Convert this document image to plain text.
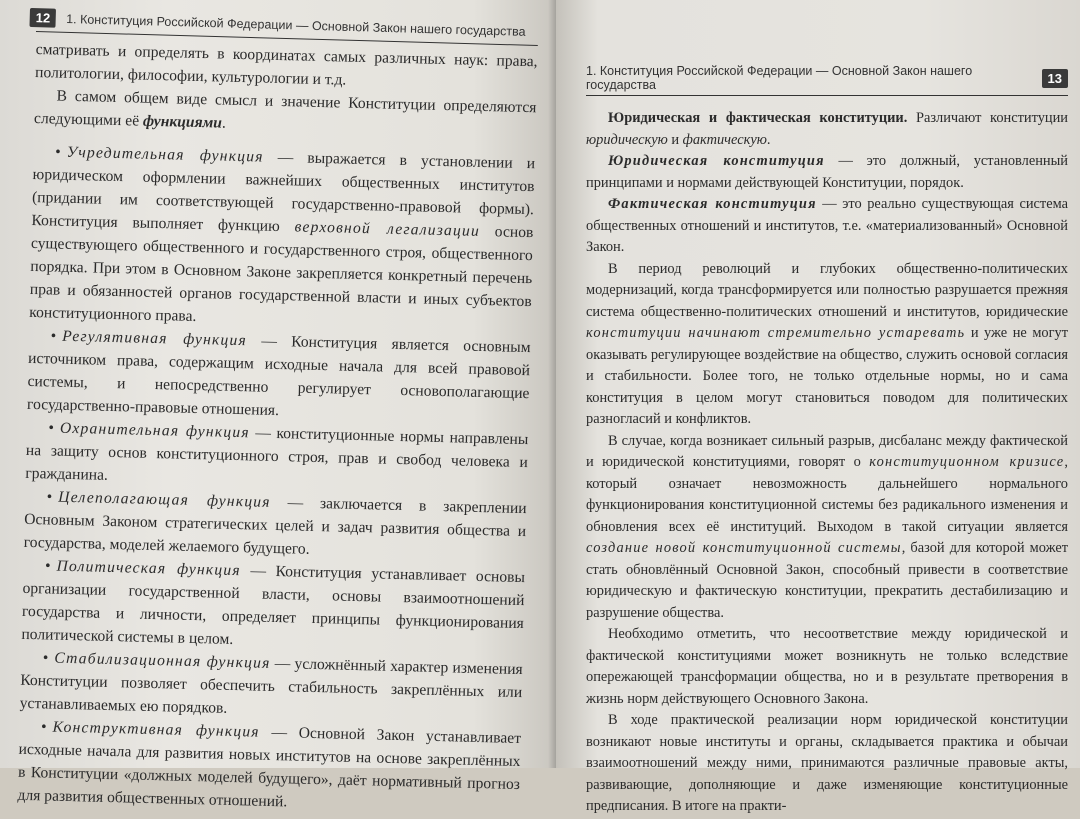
12	1. Конституция Российской Федерации — Основной Закон нашего государства

сматривать и определять в координатах самых различных наук: права, политологии, философии, культурологии и т.д.

В самом общем виде смысл и значение Конституции определяются следующими её функциями.

• Учредительная функция — выражается в установлении и юридическом оформлении важнейших общественных институтов (придании им соответствующей государственно-правовой формы). Конституция выполняет функцию верховной легализации основ существующего общественного и государственного строя, общественного порядка. При этом в Основном Законе закрепляется конкретный перечень прав и обязанностей органов государственной власти и иных субъектов конституционного права.

• Регулятивная функция — Конституция является основным источником права, содержащим исходные начала для всей правовой системы, и непосредственно регулирует основополагающие государственно-правовые отношения.

• Охранительная функция — конституционные нормы направлены на защиту основ конституционного строя, прав и свобод человека и гражданина.

• Целеполагающая функция — заключается в закреплении Основным Законом стратегических целей и задач развития общества и государства, моделей желаемого будущего.

• Политическая функция — Конституция устанавливает основы организации государственной власти, основы взаимоотношений государства и личности, определяет принципы функционирования политической системы в целом.

• Стабилизационная функция — усложнённый характер изменения Конституции позволяет обеспечить стабильность закреплённых или устанавливаемых ею порядков.

• Конструктивная функция — Основной Закон устанавливает исходные начала для развития новых институтов на основе закреплённых в Конституции «должных моделей будущего», даёт нормативный прогноз для развития общественных отношений.

1. Конституция Российской Федерации — Основной Закон нашего государства	13

Юридическая и фактическая конституции. Различают конституции юридическую и фактическую.

Юридическая конституция — это должный, установленный принципами и нормами действующей Конституции, порядок.

Фактическая конституция — это реально существующая система общественных отношений и институтов, т.е. «материализованный» Основной Закон.

В период революций и глубоких общественно-политических модернизаций, когда трансформируется или полностью разрушается прежняя система общественно-политических отношений и институтов, юридические конституции начинают стремительно устаревать и уже не могут оказывать регулирующее воздействие на общество, служить основой согласия и стабильности. Более того, не только отдельные нормы, но и сама конституция в целом могут становиться поводом для политических разногласий и конфликтов.

В случае, когда возникает сильный разрыв, дисбаланс между фактической и юридической конституциями, говорят о конституционном кризисе, который означает невозможность дальнейшего нормального функционирования конституционной системы без радикального изменения и обновления всех её институций. Выходом в такой ситуации является создание новой конституционной системы, базой для которой может стать обновлённый Основной Закон, способный привести в соответствие юридическую и фактическую конституции, прекратить дестабилизацию и разрушение общества.

Необходимо отметить, что несоответствие между юридической и фактической конституциями может возникнуть не только вследствие опережающей трансформации общества, но и в результате претворения в жизнь норм действующего Основного Закона.

В ходе практической реализации норм юридической конституции возникают новые институты и органы, складывается практика и обычаи взаимоотношений между ними, принимаются различные правовые акты, развивающие, дополняющие и даже изменяющие конституционные предписания. В итоге на практи-
